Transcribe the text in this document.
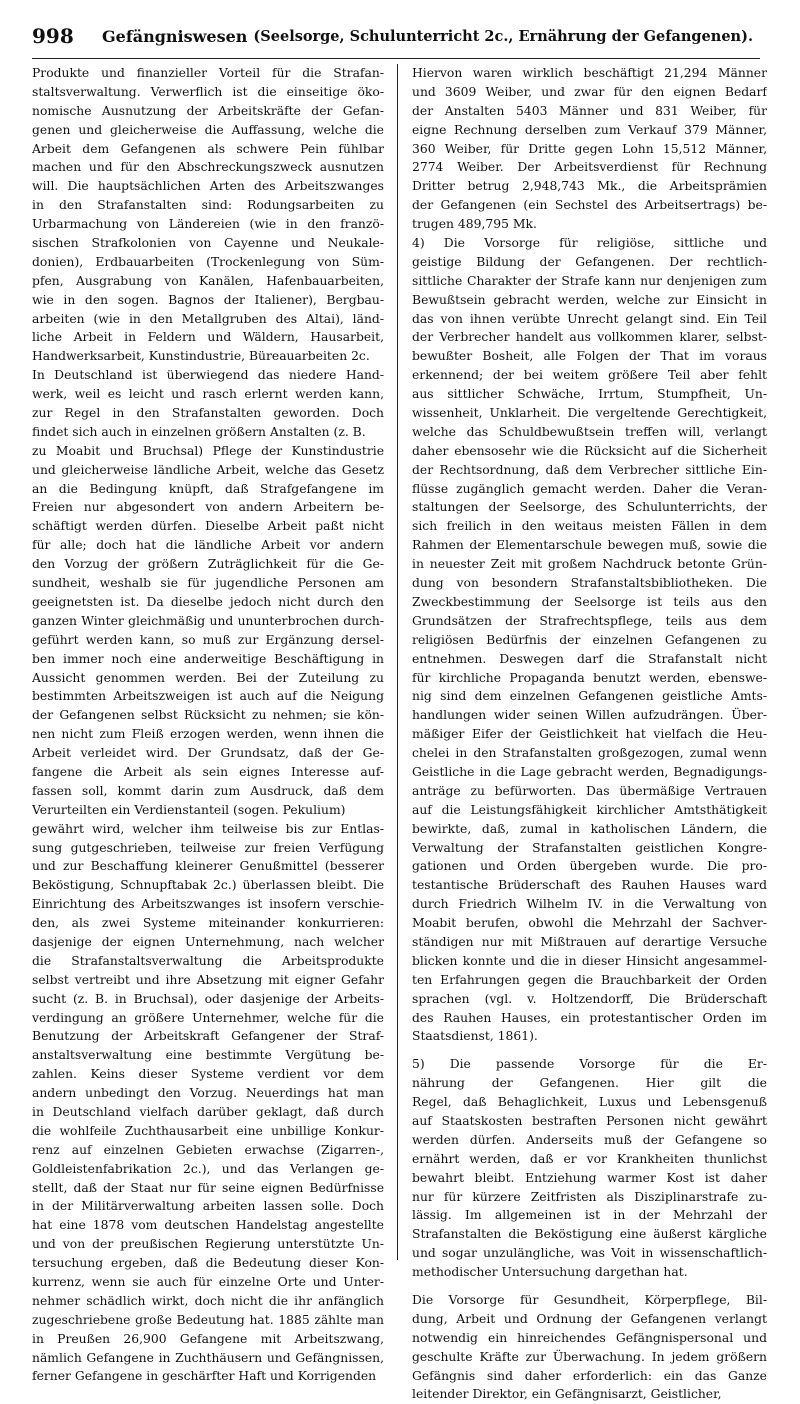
998	Gefängniswesen (Seelsorge, Schulunterricht 2c., Ernährung der Gefangenen).
Produkte und finanzieller Vorteil für die Strafan-
staltsverwaltung. Verwerflich ist die einseitige öko-
nomische Ausnutzung der Arbeitskräfte der Gefan-
genen und gleicherweise die Auffassung, welche die
Arbeit dem Gefangenen als schwere Pein fühlbar
machen und für den Abschreckungszweck ausnutzen
will. Die hauptsächlichen Arten des Arbeitszwanges
in den Strafanstalten sind: Rodungsarbeiten zu
Urbarmachung von Ländereien (wie in den franzö-
sischen Strafkolonien von Cayenne und Neukale-
donien), Erdbauarbeiten (Trockenlegung von Süm-
pfen, Ausgrabung von Kanälen, Hafenbauarbeiten,
wie in den sogen. Bagnos der Italiener), Bergbau-
arbeiten (wie in den Metallgruben des Altai), länd-
liche Arbeit in Feldern und Wäldern, Hausarbeit,
Handwerksarbeit, Kunstindustrie, Büreauarbeiten 2c.
In Deutschland ist überwiegend das niedere Hand-
werk, weil es leicht und rasch erlernt werden kann,
zur Regel in den Strafanstalten geworden. Doch
findet sich auch in einzelnen größern Anstalten (z. B.
zu Moabit und Bruchsal) Pflege der Kunstindustrie
und gleicherweise ländliche Arbeit, welche das Gesetz
an die Bedingung knüpft, daß Strafgefangene im
Freien nur abgesondert von andern Arbeitern be-
schäftigt werden dürfen. Dieselbe Arbeit paßt nicht
für alle; doch hat die ländliche Arbeit vor andern
den Vorzug der größern Zuträglichkeit für die Ge-
sundheit, weshalb sie für jugendliche Personen am
geeignetsten ist. Da dieselbe jedoch nicht durch den
ganzen Winter gleichmäßig und ununterbrochen durch-
geführt werden kann, so muß zur Ergänzung dersel-
ben immer noch eine anderweitige Beschäftigung in
Aussicht genommen werden. Bei der Zuteilung zu
bestimmten Arbeitszweigen ist auch auf die Neigung
der Gefangenen selbst Rücksicht zu nehmen; sie kön-
nen nicht zum Fleiß erzogen werden, wenn ihnen die
Arbeit verleidet wird. Der Grundsatz, daß der Ge-
fangene die Arbeit als sein eignes Interesse auf-
fassen soll, kommt darin zum Ausdruck, daß dem
Verurteilten ein Verdienstanteil (sogen. Pekulium)
gewährt wird, welcher ihm teilweise bis zur Entlas-
sung gutgeschrieben, teilweise zur freien Verfügung
und zur Beschaffung kleinerer Genußmittel (besserer
Beköstigung, Schnupftabak 2c.) überlassen bleibt. Die
Einrichtung des Arbeitszwanges ist insofern verschie-
den, als zwei Systeme miteinander konkurrieren:
dasjenige der eignen Unternehmung, nach welcher
die Strafanstaltsverwaltung die Arbeitsprodukte
selbst vertreibt und ihre Absetzung mit eigner Gefahr
sucht (z. B. in Bruchsal), oder dasjenige der Arbeits-
verdingung an größere Unternehmer, welche für die
Benutzung der Arbeitskraft Gefangener der Straf-
anstaltsverwaltung eine bestimmte Vergütung be-
zahlen. Keins dieser Systeme verdient vor dem
andern unbedingt den Vorzug. Neuerdings hat man
in Deutschland vielfach darüber geklagt, daß durch
die wohlfeile Zuchthausarbeit eine unbillige Konkur-
renz auf einzelnen Gebieten erwachse (Zigarren-,
Goldleistenfabrikation 2c.), und das Verlangen ge-
stellt, daß der Staat nur für seine eignen Bedürfnisse
in der Militärverwaltung arbeiten lassen solle. Doch
hat eine 1878 vom deutschen Handelstag angestellte
und von der preußischen Regierung unterstützte Un-
tersuchung ergeben, daß die Bedeutung dieser Kon-
kurrenz, wenn sie auch für einzelne Orte und Unter-
nehmer schädlich wirkt, doch nicht die ihr anfänglich
zugeschriebene große Bedeutung hat. 1885 zählte man
in Preußen 26,900 Gefangene mit Arbeitszwang,
nämlich Gefangene in Zuchthäusern und Gefängnissen,
ferner Gefangene in geschärfter Haft und Korrigenden
Hiervon waren wirklich beschäftigt 21,294 Männer
und 3609 Weiber, und zwar für den eignen Bedarf
der Anstalten 5403 Männer und 831 Weiber, für
eigne Rechnung derselben zum Verkauf 379 Männer,
360 Weiber, für Dritte gegen Lohn 15,512 Männer,
2774 Weiber. Der Arbeitsverdienst für Rechnung
Dritter betrug 2,948,743 Mk., die Arbeitsprämien
der Gefangenen (ein Sechstel des Arbeitsertrags) be-
trugen 489,795 Mk.
4) Die Vorsorge für religiöse, sittliche und
geistige Bildung der Gefangenen. Der rechtlich-
sittliche Charakter der Strafe kann nur denjenigen zum
Bewußtsein gebracht werden, welche zur Einsicht in
das von ihnen verübte Unrecht gelangt sind. Ein Teil
der Verbrecher handelt aus vollkommen klarer, selbst-
bewußter Bosheit, alle Folgen der That im voraus
erkennend; der bei weitem größere Teil aber fehlt
aus sittlicher Schwäche, Irrtum, Stumpfheit, Un-
wissenheit, Unklarheit. Die vergeltende Gerechtigkeit,
welche das Schuldbewußtsein treffen will, verlangt
daher ebensosehr wie die Rücksicht auf die Sicherheit
der Rechtsordnung, daß dem Verbrecher sittliche Ein-
flüsse zugänglich gemacht werden. Daher die Veran-
staltungen der Seelsorge, des Schulunterrichts, der
sich freilich in den weitaus meisten Fällen in dem
Rahmen der Elementarschule bewegen muß, sowie die
in neuester Zeit mit großem Nachdruck betonte Grün-
dung von besondern Strafanstaltsbibliotheken. Die
Zweckbestimmung der Seelsorge ist teils aus den
Grundsätzen der Strafrechtspflege, teils aus dem
religiösen Bedürfnis der einzelnen Gefangenen zu
entnehmen. Deswegen darf die Strafanstalt nicht
für kirchliche Propaganda benutzt werden, ebenswe-
nig sind dem einzelnen Gefangenen geistliche Amts-
handlungen wider seinen Willen aufzudrängen. Über-
mäßiger Eifer der Geistlichkeit hat vielfach die Heu-
chelei in den Strafanstalten großgezogen, zumal wenn
Geistliche in die Lage gebracht werden, Begnadigungs-
anträge zu befürworten. Das übermäßige Vertrauen
auf die Leistungsfähigkeit kirchlicher Amtsthätigkeit
bewirkte, daß, zumal in katholischen Ländern, die
Verwaltung der Strafanstalten geistlichen Kongre-
gationen und Orden übergeben wurde. Die pro-
testantische Brüderschaft des Rauhen Hauses ward
durch Friedrich Wilhelm IV. in die Verwaltung von
Moabit berufen, obwohl die Mehrzahl der Sachver-
ständigen nur mit Mißtrauen auf derartige Versuche
blicken konnte und die in dieser Hinsicht angesammel-
ten Erfahrungen gegen die Brauchbarkeit der Orden
sprachen (vgl. v. Holtzendorff, Die Brüderschaft
des Rauhen Hauses, ein protestantischer Orden im
Staatsdienst, 1861).
5) Die passende Vorsorge für die Er-
nährung der Gefangenen. Hier gilt die
Regel, daß Behaglichkeit, Luxus und Lebensgenuß
auf Staatskosten bestraften Personen nicht gewährt
werden dürfen. Anderseits muß der Gefangene so
ernährt werden, daß er vor Krankheiten thunlichst
bewahrt bleibt. Entziehung warmer Kost ist daher
nur für kürzere Zeitfristen als Disziplinarstrafe zu-
lässig. Im allgemeinen ist in der Mehrzahl der
Strafanstalten die Beköstigung eine äußerst kärgliche
und sogar unzulängliche, was Voit in wissenschaftlich-
methodischer Untersuchung dargethan hat.
Die Vorsorge für Gesundheit, Körperpflege, Bil-
dung, Arbeit und Ordnung der Gefangenen verlangt
notwendig ein hinreichendes Gefängnispersonal und
geschulte Kräfte zur Überwachung. In jedem größern
Gefängnis sind daher erforderlich: ein das Ganze
leitender Direktor, ein Gefängnisarzt, Geistlicher,
